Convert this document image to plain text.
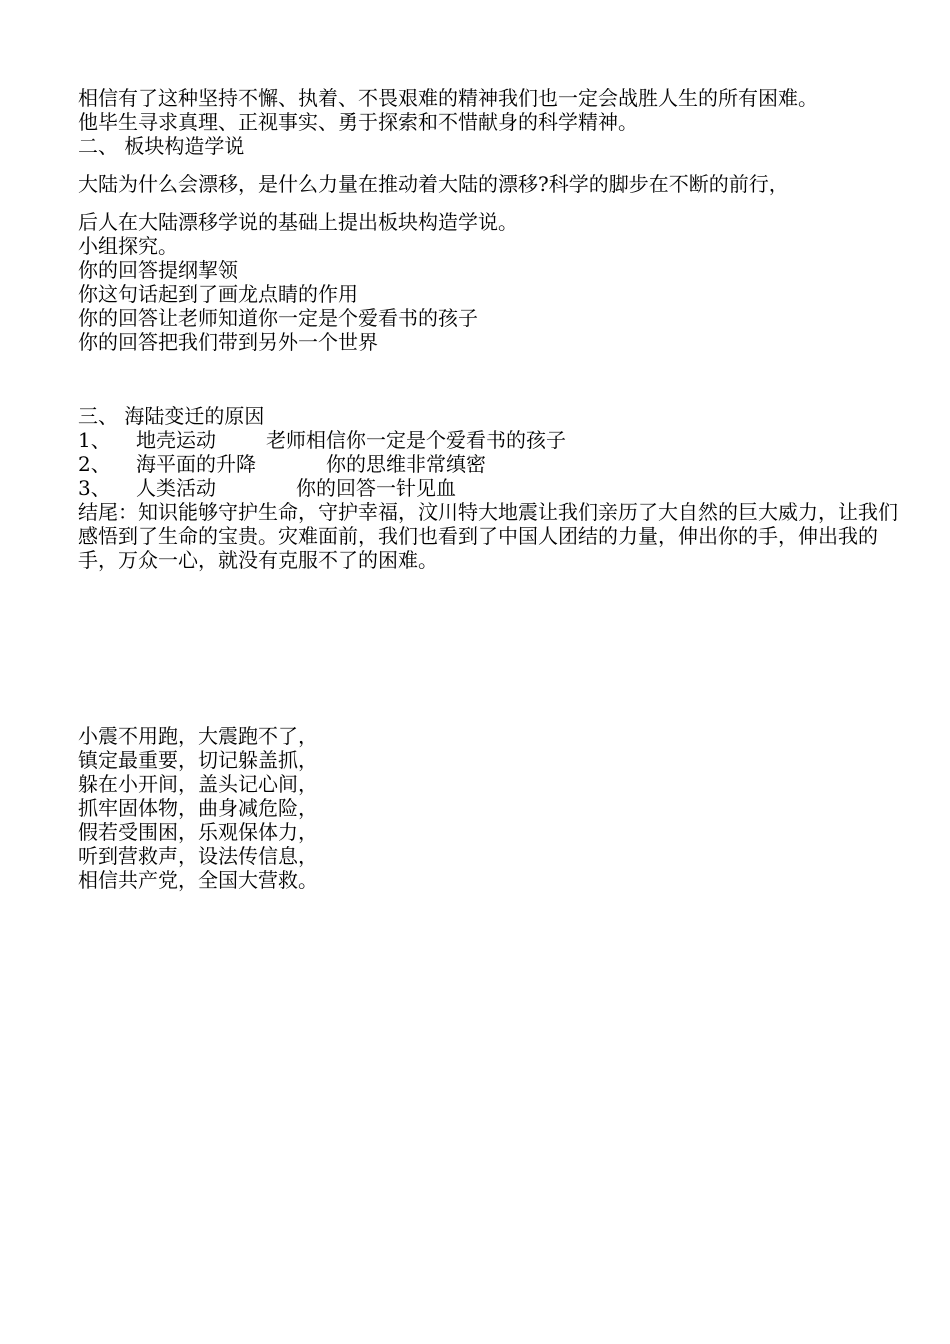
相信有了这种坚持不懈、执着、不畏艰难的精神我们也一定会战胜人生的所有困难。

他毕生寻求真理、正视事实、勇于探索和不惜献身的科学精神。

二、 板块构造学说

大陆为什么会漂移，是什么力量在推动着大陆的漂移?科学的脚步在不断的前行，

后人在大陆漂移学说的基础上提出板块构造学说。

小组探究。

你的回答提纲挈领

你这句话起到了画龙点睛的作用

你的回答让老师知道你一定是个爱看书的孩子

你的回答把我们带到另外一个世界

三、 海陆变迁的原因

1、 地壳运动	老师相信你一定是个爱看书的孩子

2、 海平面的升降	你的思维非常缜密

3、 人类活动	你的回答一针见血

结尾：知识能够守护生命，守护幸福，汶川特大地震让我们亲历了大自然的巨大威力，让我们感悟到了生命的宝贵。灾难面前，我们也看到了中国人团结的力量，伸出你的手，伸出我的手，万众一心，就没有克服不了的困难。

小震不用跑，大震跑不了，

镇定最重要，切记躲盖抓，

躲在小开间，盖头记心间，

抓牢固体物，曲身减危险，

假若受围困，乐观保体力，

听到营救声，设法传信息，

相信共产党，全国大营救。
